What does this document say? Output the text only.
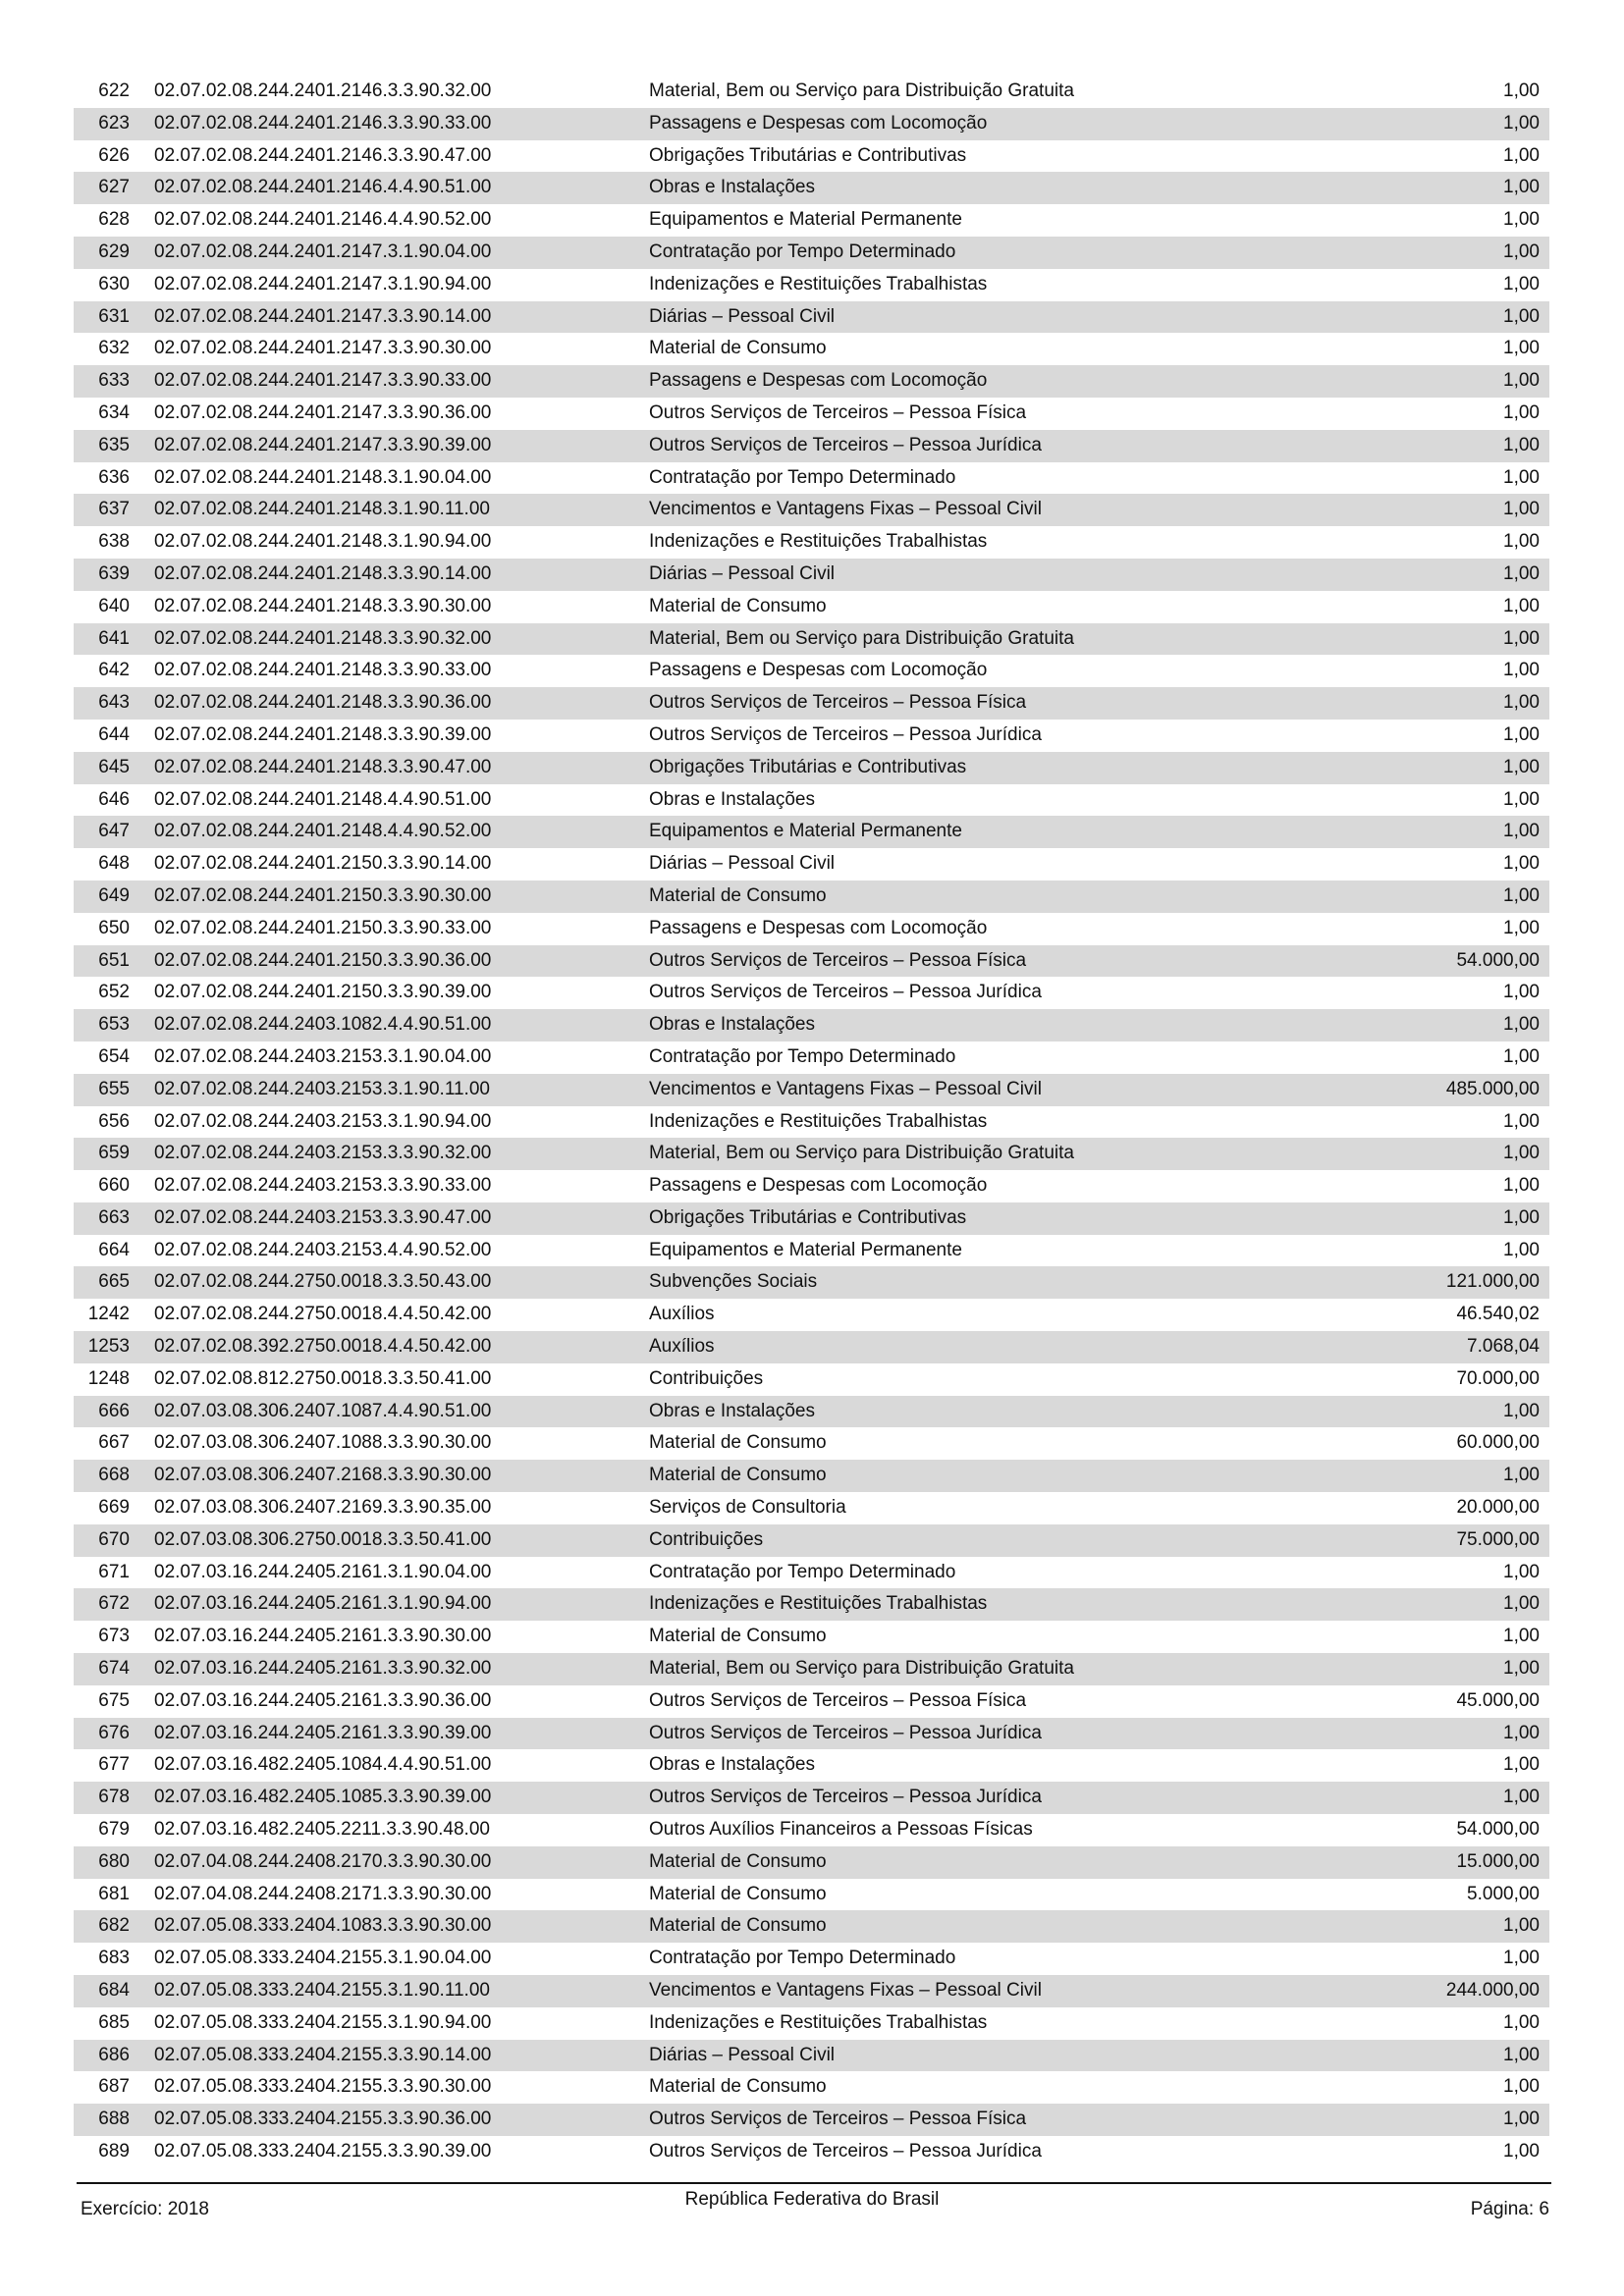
622 02.07.02.08.244.2401.2146.3.3.90.32.00	Material, Bem ou Serviço para Distribuição Gratuita	1,00
623 02.07.02.08.244.2401.2146.3.3.90.33.00	Passagens e Despesas com Locomoção	1,00
626 02.07.02.08.244.2401.2146.3.3.90.47.00	Obrigações Tributárias e Contributivas	1,00
627 02.07.02.08.244.2401.2146.4.4.90.51.00	Obras e Instalações	1,00
628 02.07.02.08.244.2401.2146.4.4.90.52.00	Equipamentos e Material Permanente	1,00
629 02.07.02.08.244.2401.2147.3.1.90.04.00	Contratação por Tempo Determinado	1,00
630 02.07.02.08.244.2401.2147.3.1.90.94.00	Indenizações e Restituições Trabalhistas	1,00
631 02.07.02.08.244.2401.2147.3.3.90.14.00	Diárias – Pessoal Civil	1,00
632 02.07.02.08.244.2401.2147.3.3.90.30.00	Material de Consumo	1,00
633 02.07.02.08.244.2401.2147.3.3.90.33.00	Passagens e Despesas com Locomoção	1,00
634 02.07.02.08.244.2401.2147.3.3.90.36.00	Outros Serviços de Terceiros – Pessoa Física	1,00
635 02.07.02.08.244.2401.2147.3.3.90.39.00	Outros Serviços de Terceiros – Pessoa Jurídica	1,00
636 02.07.02.08.244.2401.2148.3.1.90.04.00	Contratação por Tempo Determinado	1,00
637 02.07.02.08.244.2401.2148.3.1.90.11.00	Vencimentos e Vantagens Fixas – Pessoal Civil	1,00
638 02.07.02.08.244.2401.2148.3.1.90.94.00	Indenizações e Restituições Trabalhistas	1,00
639 02.07.02.08.244.2401.2148.3.3.90.14.00	Diárias – Pessoal Civil	1,00
640 02.07.02.08.244.2401.2148.3.3.90.30.00	Material de Consumo	1,00
641 02.07.02.08.244.2401.2148.3.3.90.32.00	Material, Bem ou Serviço para Distribuição Gratuita	1,00
642 02.07.02.08.244.2401.2148.3.3.90.33.00	Passagens e Despesas com Locomoção	1,00
643 02.07.02.08.244.2401.2148.3.3.90.36.00	Outros Serviços de Terceiros – Pessoa Física	1,00
644 02.07.02.08.244.2401.2148.3.3.90.39.00	Outros Serviços de Terceiros – Pessoa Jurídica	1,00
645 02.07.02.08.244.2401.2148.3.3.90.47.00	Obrigações Tributárias e Contributivas	1,00
646 02.07.02.08.244.2401.2148.4.4.90.51.00	Obras e Instalações	1,00
647 02.07.02.08.244.2401.2148.4.4.90.52.00	Equipamentos e Material Permanente	1,00
648 02.07.02.08.244.2401.2150.3.3.90.14.00	Diárias – Pessoal Civil	1,00
649 02.07.02.08.244.2401.2150.3.3.90.30.00	Material de Consumo	1,00
650 02.07.02.08.244.2401.2150.3.3.90.33.00	Passagens e Despesas com Locomoção	1,00
651 02.07.02.08.244.2401.2150.3.3.90.36.00	Outros Serviços de Terceiros – Pessoa Física	54.000,00
652 02.07.02.08.244.2401.2150.3.3.90.39.00	Outros Serviços de Terceiros – Pessoa Jurídica	1,00
653 02.07.02.08.244.2403.1082.4.4.90.51.00	Obras e Instalações	1,00
654 02.07.02.08.244.2403.2153.3.1.90.04.00	Contratação por Tempo Determinado	1,00
655 02.07.02.08.244.2403.2153.3.1.90.11.00	Vencimentos e Vantagens Fixas – Pessoal Civil	485.000,00
656 02.07.02.08.244.2403.2153.3.1.90.94.00	Indenizações e Restituições Trabalhistas	1,00
659 02.07.02.08.244.2403.2153.3.3.90.32.00	Material, Bem ou Serviço para Distribuição Gratuita	1,00
660 02.07.02.08.244.2403.2153.3.3.90.33.00	Passagens e Despesas com Locomoção	1,00
663 02.07.02.08.244.2403.2153.3.3.90.47.00	Obrigações Tributárias e Contributivas	1,00
664 02.07.02.08.244.2403.2153.4.4.90.52.00	Equipamentos e Material Permanente	1,00
665 02.07.02.08.244.2750.0018.3.3.50.43.00	Subvenções Sociais	121.000,00
1242 02.07.02.08.244.2750.0018.4.4.50.42.00	Auxílios	46.540,02
1253 02.07.02.08.392.2750.0018.4.4.50.42.00	Auxílios	7.068,04
1248 02.07.02.08.812.2750.0018.3.3.50.41.00	Contribuições	70.000,00
666 02.07.03.08.306.2407.1087.4.4.90.51.00	Obras e Instalações	1,00
667 02.07.03.08.306.2407.1088.3.3.90.30.00	Material de Consumo	60.000,00
668 02.07.03.08.306.2407.2168.3.3.90.30.00	Material de Consumo	1,00
669 02.07.03.08.306.2407.2169.3.3.90.35.00	Serviços de Consultoria	20.000,00
670 02.07.03.08.306.2750.0018.3.3.50.41.00	Contribuições	75.000,00
671 02.07.03.16.244.2405.2161.3.1.90.04.00	Contratação por Tempo Determinado	1,00
672 02.07.03.16.244.2405.2161.3.1.90.94.00	Indenizações e Restituições Trabalhistas	1,00
673 02.07.03.16.244.2405.2161.3.3.90.30.00	Material de Consumo	1,00
674 02.07.03.16.244.2405.2161.3.3.90.32.00	Material, Bem ou Serviço para Distribuição Gratuita	1,00
675 02.07.03.16.244.2405.2161.3.3.90.36.00	Outros Serviços de Terceiros – Pessoa Física	45.000,00
676 02.07.03.16.244.2405.2161.3.3.90.39.00	Outros Serviços de Terceiros – Pessoa Jurídica	1,00
677 02.07.03.16.482.2405.1084.4.4.90.51.00	Obras e Instalações	1,00
678 02.07.03.16.482.2405.1085.3.3.90.39.00	Outros Serviços de Terceiros – Pessoa Jurídica	1,00
679 02.07.03.16.482.2405.2211.3.3.90.48.00	Outros Auxílios Financeiros a Pessoas Físicas	54.000,00
680 02.07.04.08.244.2408.2170.3.3.90.30.00	Material de Consumo	15.000,00
681 02.07.04.08.244.2408.2171.3.3.90.30.00	Material de Consumo	5.000,00
682 02.07.05.08.333.2404.1083.3.3.90.30.00	Material de Consumo	1,00
683 02.07.05.08.333.2404.2155.3.1.90.04.00	Contratação por Tempo Determinado	1,00
684 02.07.05.08.333.2404.2155.3.1.90.11.00	Vencimentos e Vantagens Fixas – Pessoal Civil	244.000,00
685 02.07.05.08.333.2404.2155.3.1.90.94.00	Indenizações e Restituições Trabalhistas	1,00
686 02.07.05.08.333.2404.2155.3.3.90.14.00	Diárias – Pessoal Civil	1,00
687 02.07.05.08.333.2404.2155.3.3.90.30.00	Material de Consumo	1,00
688 02.07.05.08.333.2404.2155.3.3.90.36.00	Outros Serviços de Terceiros – Pessoa Física	1,00
689 02.07.05.08.333.2404.2155.3.3.90.39.00	Outros Serviços de Terceiros – Pessoa Jurídica	1,00
Exercício: 2018	República Federativa do Brasil	Página: 6
